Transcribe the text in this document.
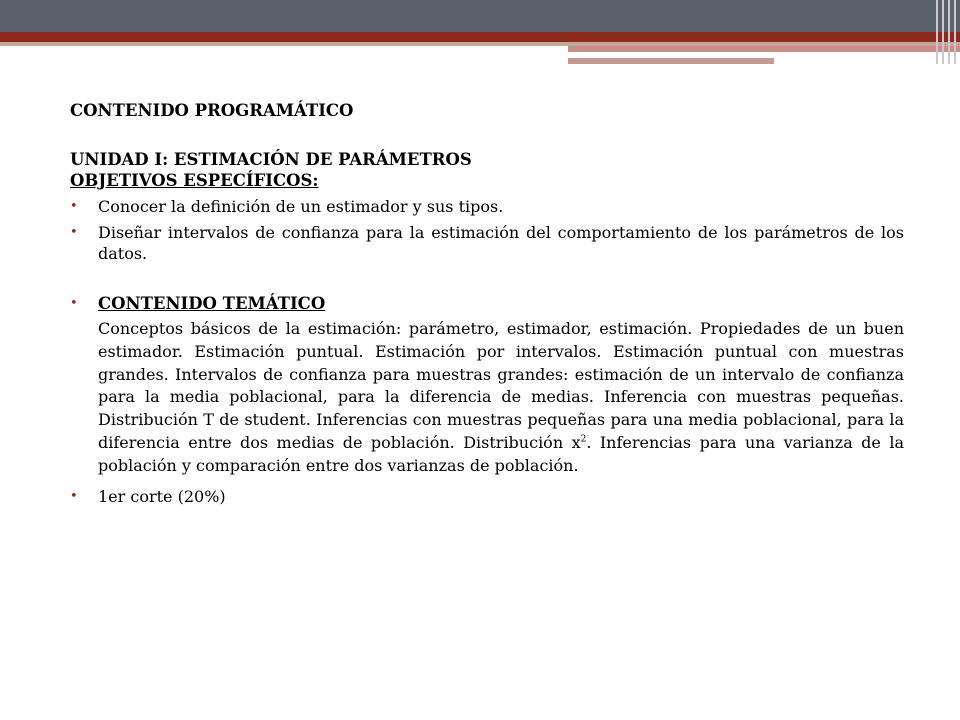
CONTENIDO PROGRAMÁTICO
UNIDAD I: ESTIMACIÓN DE PARÁMETROS
OBJETIVOS ESPECÍFICOS:
• Conocer la definición de un estimador y sus tipos.
• Diseñar intervalos de confianza para la estimación del comportamiento de los parámetros de los datos.
• CONTENIDO TEMÁTICO
Conceptos básicos de la estimación: parámetro, estimador, estimación. Propiedades de un buen estimador. Estimación puntual. Estimación por intervalos. Estimación puntual con muestras grandes. Intervalos de confianza para muestras grandes: estimación de un intervalo de confianza para la media poblacional, para la diferencia de medias. Inferencia con muestras pequeñas. Distribución T de student. Inferencias con muestras pequeñas para una media poblacional, para la diferencia entre dos medias de población. Distribución $x^2$. Inferencias para una varianza de la población y comparación entre dos varianzas de población.
• 1er corte (20%)
